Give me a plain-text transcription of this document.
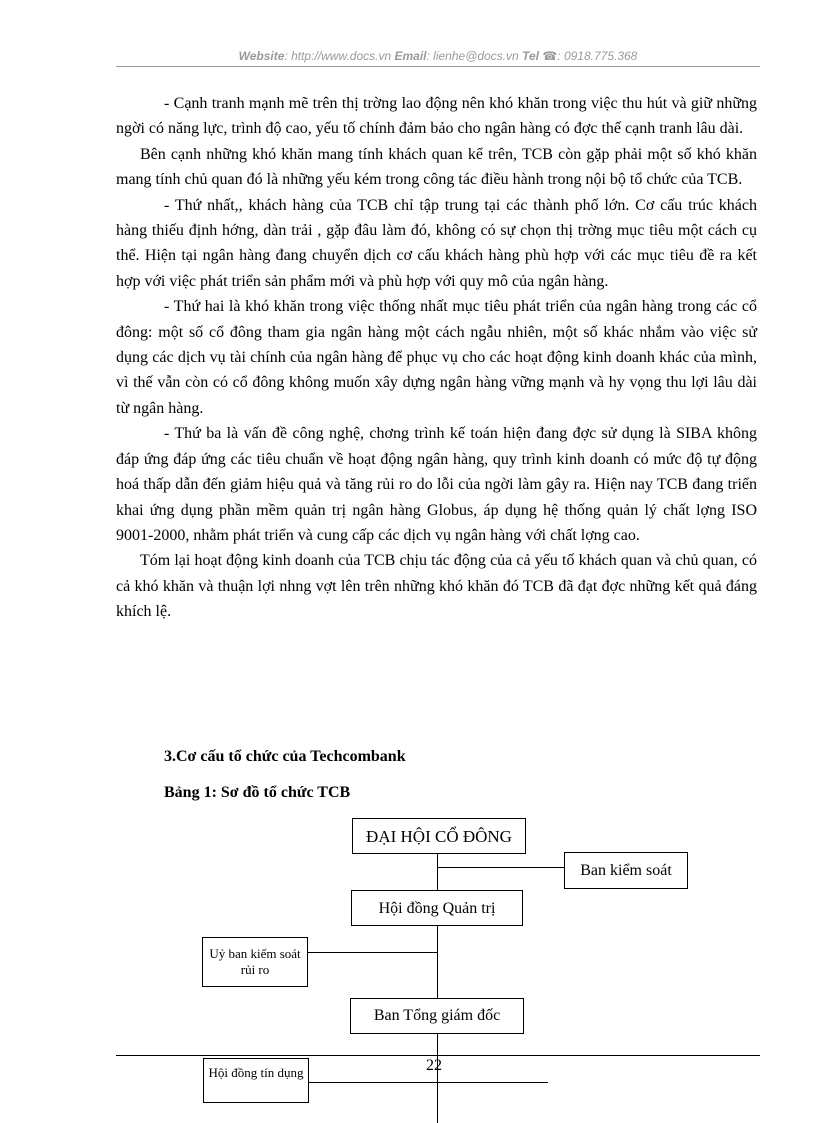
Website: http://www.docs.vn Email: lienhe@docs.vn Tel ☎: 0918.775.368

- Cạnh tranh mạnh mẽ trên thị trờng lao động nên khó khăn trong việc thu hút và giữ những ngời có năng lực, trình độ cao, yếu tố chính đảm bảo cho ngân hàng có đợc thế cạnh tranh lâu dài.

Bên cạnh những khó khăn mang tính khách quan kể trên, TCB còn gặp phải một số khó khăn mang tính chủ quan đó là những yếu kém trong công tác điều hành trong nội bộ tổ chức của TCB.

- Thứ nhất,, khách hàng của TCB chỉ tập trung tại các thành phố lớn. Cơ cấu trúc khách hàng thiếu định hớng, dàn trải , gặp đâu làm đó, không có sự chọn thị trờng mục tiêu một cách cụ thể. Hiện tại ngân hàng đang chuyển dịch cơ cấu khách hàng phù hợp với các mục tiêu đề ra kết hợp với việc phát triển sản phẩm mới và phù hợp với quy mô của ngân hàng.

- Thứ hai là khó khăn trong việc thống nhất mục tiêu phát triển của ngân hàng trong các cổ đông: một số cổ đông tham gia ngân hàng một cách ngẫu nhiên, một số khác nhắm vào việc sử dụng các dịch vụ tài chính của ngân hàng để phục vụ cho các hoạt động kinh doanh khác của mình, vì thế vẫn còn có cổ đông không muốn xây dựng ngân hàng vững mạnh và hy vọng thu lợi lâu dài từ ngân hàng.

- Thứ ba là vấn đề công nghệ, chơng trình kế toán hiện đang đợc sử dụng là SIBA không đáp ứng đáp ứng các tiêu chuẩn về hoạt động ngân hàng, quy trình kinh doanh có mức độ tự động hoá thấp dẫn đến giảm hiệu quả và tăng rủi ro do lỗi của ngời làm gây ra. Hiện nay TCB đang triển khai ứng dụng phần mềm quản trị ngân hàng Globus, áp dụng hệ thống quản lý chất lợng ISO 9001-2000, nhằm phát triển và cung cấp các dịch vụ ngân hàng với chất lợng cao.

Tóm lại hoạt động kinh doanh của TCB chịu tác động của cả yếu tố khách quan và chủ quan, có cả khó khăn và thuận lợi nhng vợt lên trên những khó khăn đó TCB đã đạt đợc những kết quả đáng khích lệ.

3.Cơ cấu tổ chức của Techcombank

Bảng 1: Sơ đồ tổ chức TCB

ĐẠI HỘI CỔ ĐÔNG
Ban kiểm soát
Hội đồng Quản trị
Uỷ ban kiểm soát rủi ro
Ban Tổng giám đốc
Hội đồng tín dụng	22
